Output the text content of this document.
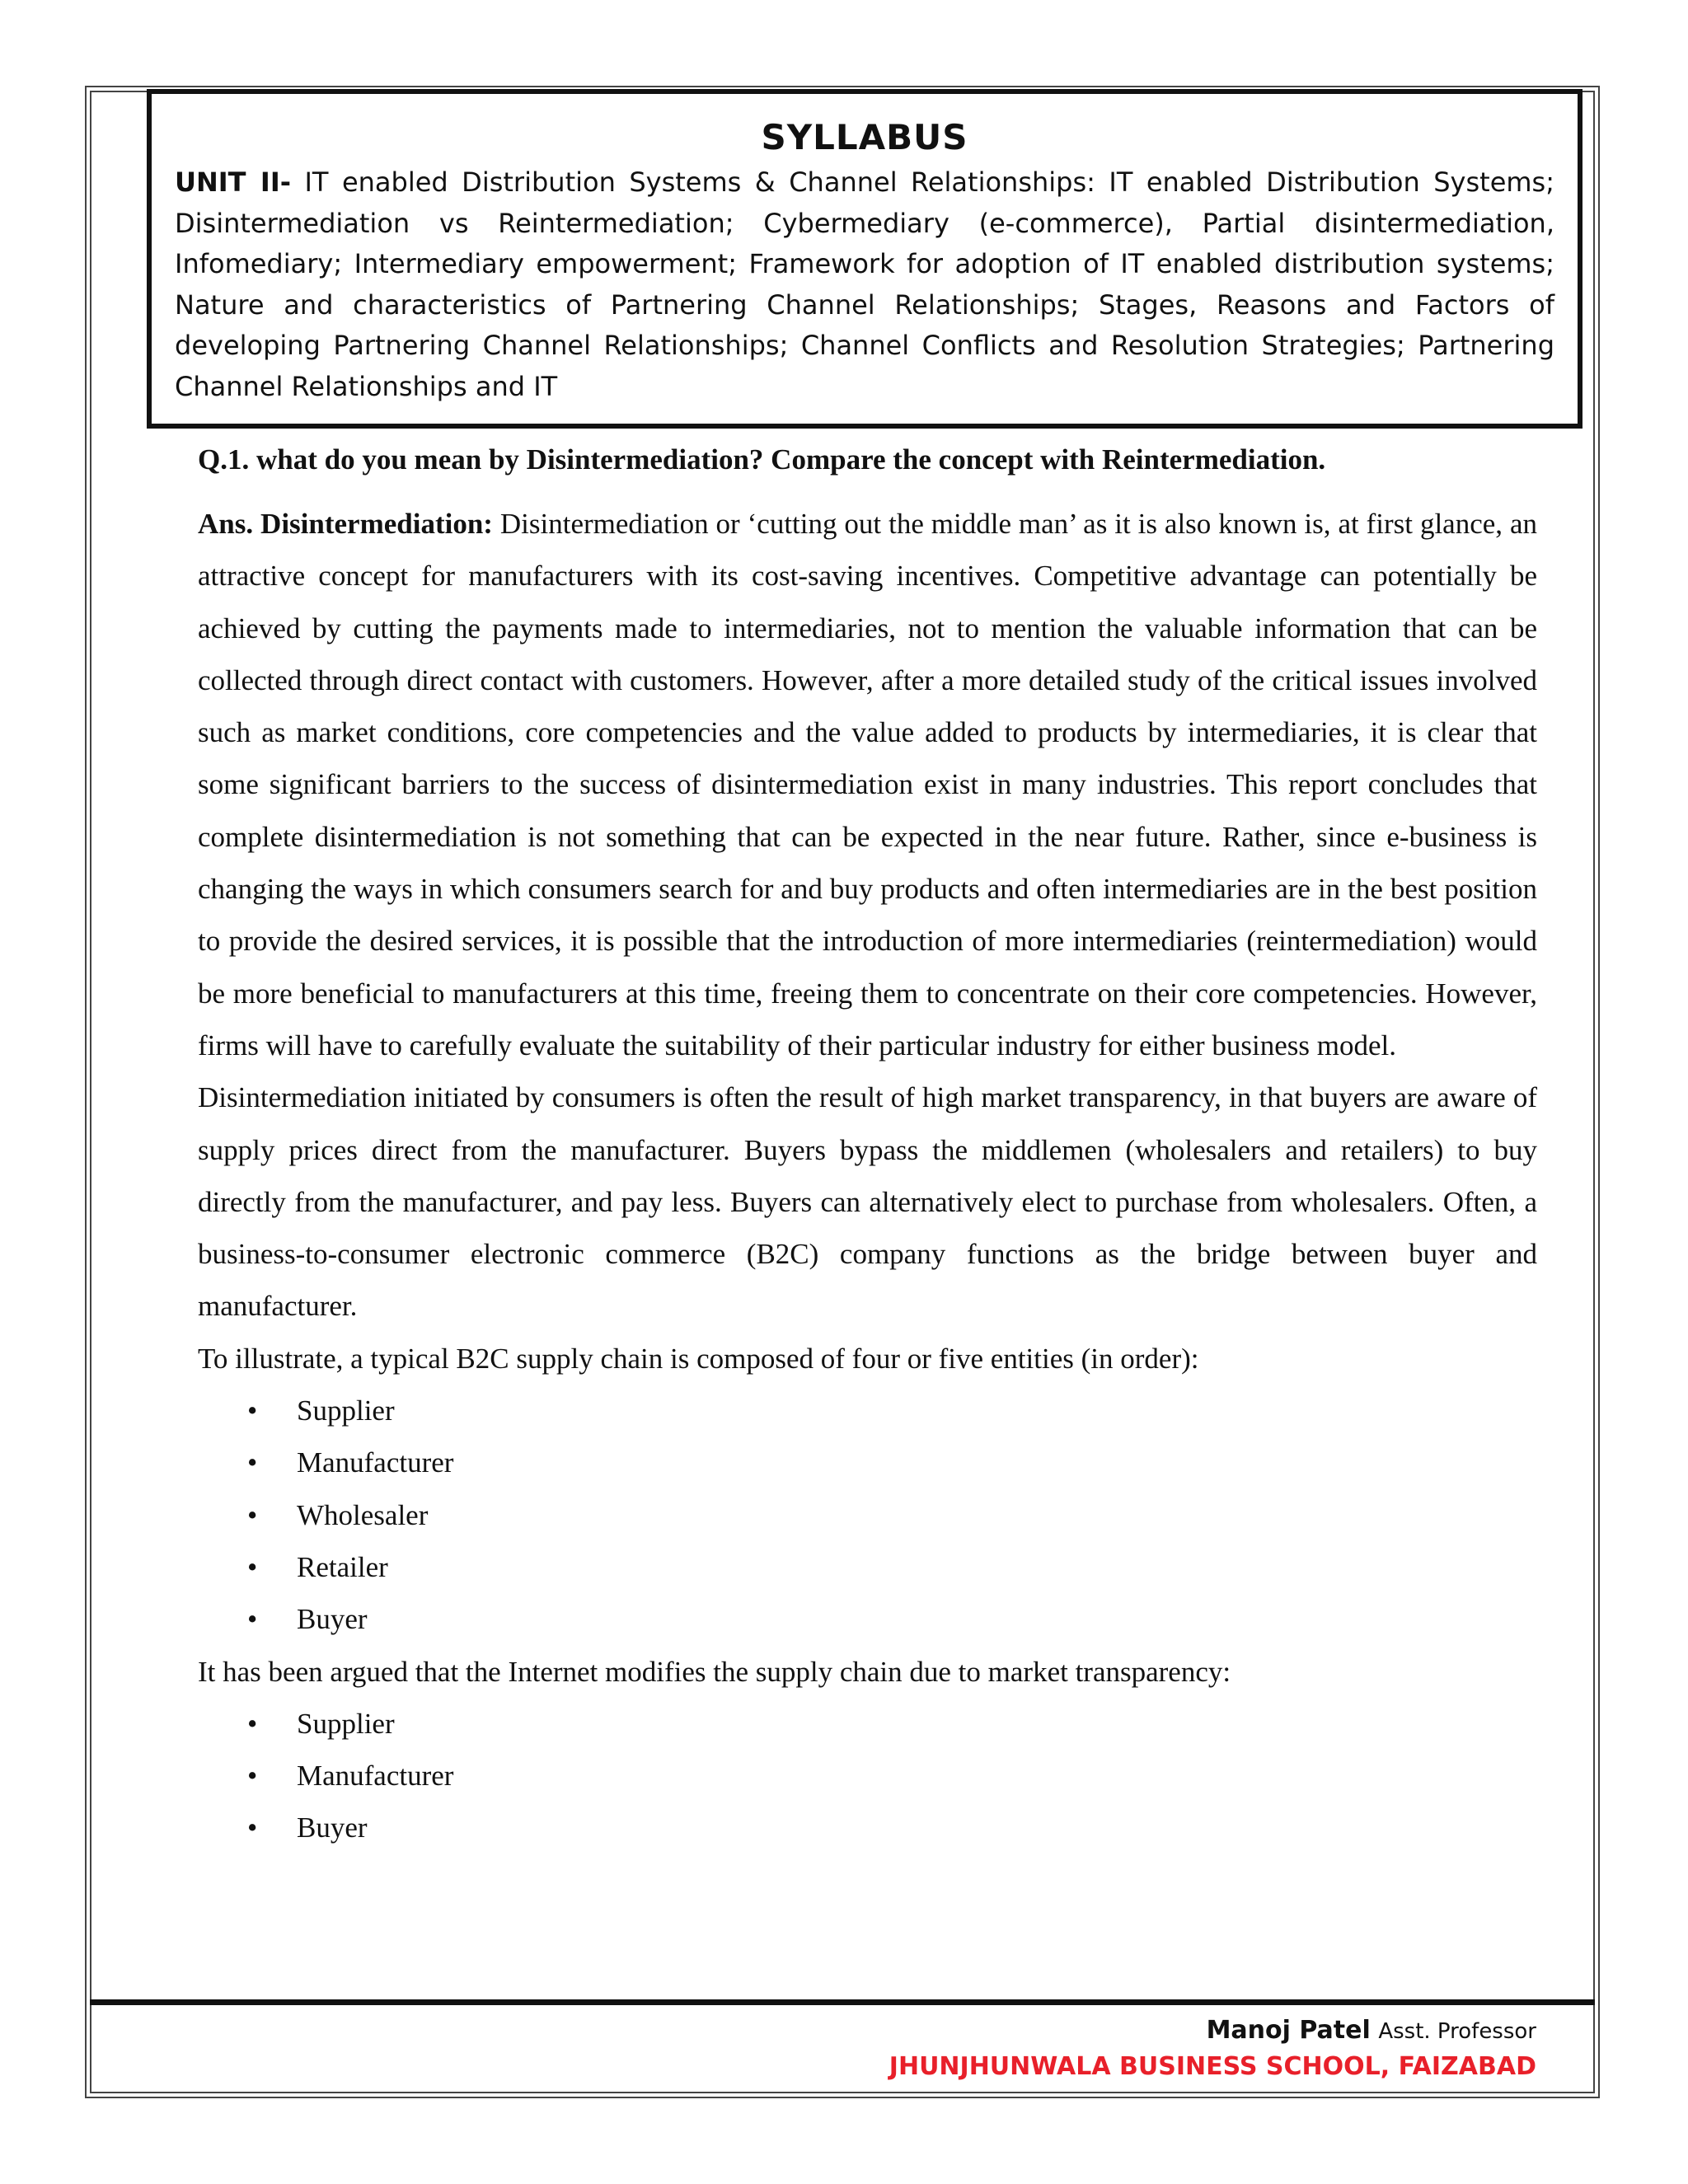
SYLLABUS

UNIT II- IT enabled Distribution Systems & Channel Relationships: IT enabled Distribution Systems; Disintermediation vs Reintermediation; Cybermediary (e-commerce), Partial disintermediation, Infomediary; Intermediary empowerment; Framework for adoption of IT enabled distribution systems; Nature and characteristics of Partnering Channel Relationships; Stages, Reasons and Factors of developing Partnering Channel Relationships; Channel Conflicts and Resolution Strategies; Partnering Channel Relationships and IT

Q.1. what do you mean by Disintermediation? Compare the concept with Reintermediation.

Ans. Disintermediation: Disintermediation or ‘cutting out the middle man’ as it is also known is, at first glance, an attractive concept for manufacturers with its cost-saving incentives. Competitive advantage can potentially be achieved by cutting the payments made to intermediaries, not to mention the valuable information that can be collected through direct contact with customers. However, after a more detailed study of the critical issues involved such as market conditions, core competencies and the value added to products by intermediaries, it is clear that some significant barriers to the success of disintermediation exist in many industries. This report concludes that complete disintermediation is not something that can be expected in the near future. Rather, since e-business is changing the ways in which consumers search for and buy products and often intermediaries are in the best position to provide the desired services, it is possible that the introduction of more intermediaries (reintermediation) would be more beneficial to manufacturers at this time, freeing them to concentrate on their core competencies. However, firms will have to carefully evaluate the suitability of their particular industry for either business model.

Disintermediation initiated by consumers is often the result of high market transparency, in that buyers are aware of supply prices direct from the manufacturer. Buyers bypass the middlemen (wholesalers and retailers) to buy directly from the manufacturer, and pay less. Buyers can alternatively elect to purchase from wholesalers. Often, a business-to-consumer electronic commerce (B2C) company functions as the bridge between buyer and manufacturer.

To illustrate, a typical B2C supply chain is composed of four or five entities (in order):

• Supplier
• Manufacturer
• Wholesaler
• Retailer
• Buyer

It has been argued that the Internet modifies the supply chain due to market transparency:

• Supplier
• Manufacturer
• Buyer
Manoj Patel Asst. Professor
JHUNJHUNWALA BUSINESS SCHOOL, FAIZABAD
